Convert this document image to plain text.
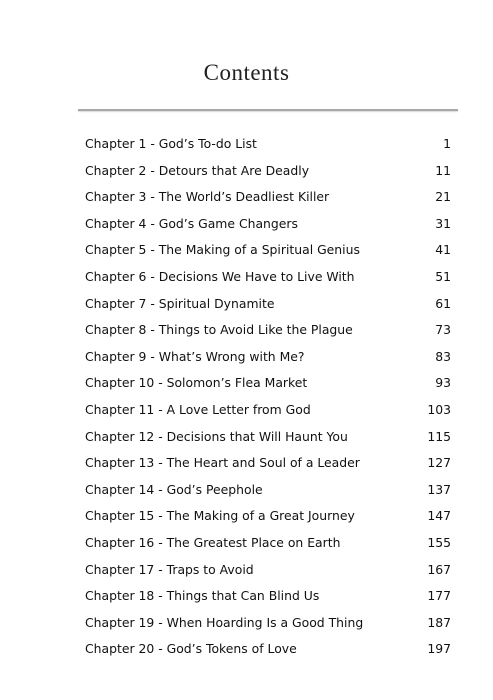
Contents
Chapter 1 - God’s To-do List	1
Chapter 2 - Detours that Are Deadly	11
Chapter 3 - The World’s Deadliest Killer	21
Chapter 4 - God’s Game Changers	31
Chapter 5 - The Making of a Spiritual Genius	41
Chapter 6 - Decisions We Have to Live With	51
Chapter 7 - Spiritual Dynamite	61
Chapter 8 - Things to Avoid Like the Plague	73
Chapter 9 - What’s Wrong with Me?	83
Chapter 10 - Solomon’s Flea Market	93
Chapter 11 - A Love Letter from God	103
Chapter 12 - Decisions that Will Haunt You	115
Chapter 13 - The Heart and Soul of a Leader	127
Chapter 14 - God’s Peephole	137
Chapter 15 - The Making of a Great Journey	147
Chapter 16 - The Greatest Place on Earth	155
Chapter 17 - Traps to Avoid	167
Chapter 18 - Things that Can Blind Us	177
Chapter 19 - When Hoarding Is a Good Thing	187
Chapter 20 - God’s Tokens of Love	197
